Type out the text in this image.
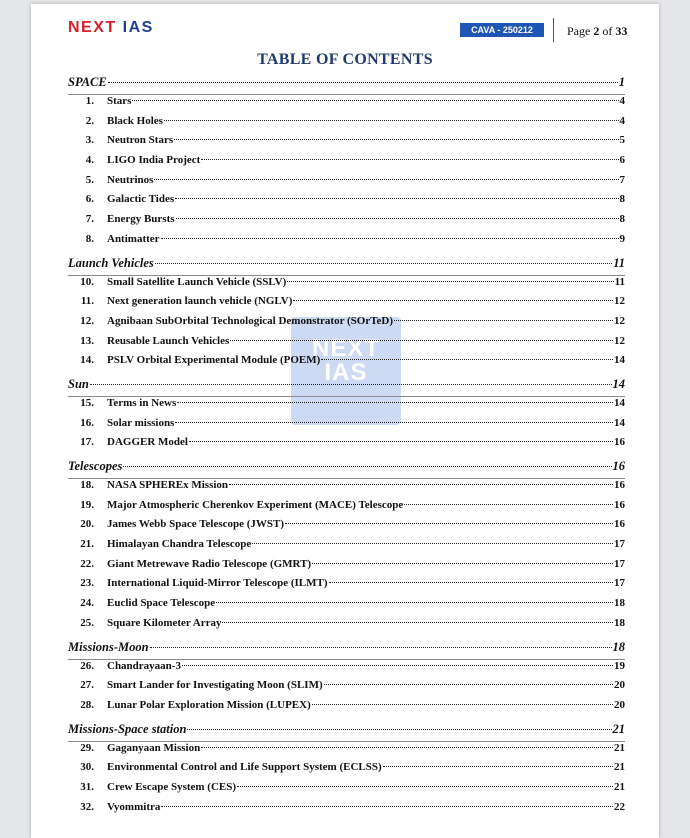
NEXT IAS	CAVA - 250212	Page 2 of 33
TABLE OF CONTENTS
NEXT IAS
SPACE	1
1.	Stars	4
2.	Black Holes	4
3.	Neutron Stars	5
4.	LIGO India Project	6
5.	Neutrinos	7
6.	Galactic Tides	8
7.	Energy Bursts	8
8.	Antimatter	9
Launch Vehicles	11
10.	Small Satellite Launch Vehicle (SSLV)	11
11.	Next generation launch vehicle (NGLV)	12
12.	Agnibaan SubOrbital Technological Demonstrator (SOrTeD)	12
13.	Reusable Launch Vehicles	12
14.	PSLV Orbital Experimental Module (POEM)	14
Sun	14
15.	Terms in News	14
16.	Solar missions	14
17.	DAGGER Model	16
Telescopes	16
18.	NASA SPHEREx Mission	16
19.	Major Atmospheric Cherenkov Experiment (MACE) Telescope	16
20.	James Webb Space Telescope (JWST)	16
21.	Himalayan Chandra Telescope	17
22.	Giant Metrewave Radio Telescope (GMRT)	17
23.	International Liquid-Mirror Telescope (ILMT)	17
24.	Euclid Space Telescope	18
25.	Square Kilometer Array	18
Missions-Moon	18
26.	Chandrayaan-3	19
27.	Smart Lander for Investigating Moon (SLIM)	20
28.	Lunar Polar Exploration Mission (LUPEX)	20
Missions-Space station	21
29.	Gaganyaan Mission	21
30.	Environmental Control and Life Support System (ECLSS)	21
31.	Crew Escape System (CES)	21
32.	Vyommitra	22
